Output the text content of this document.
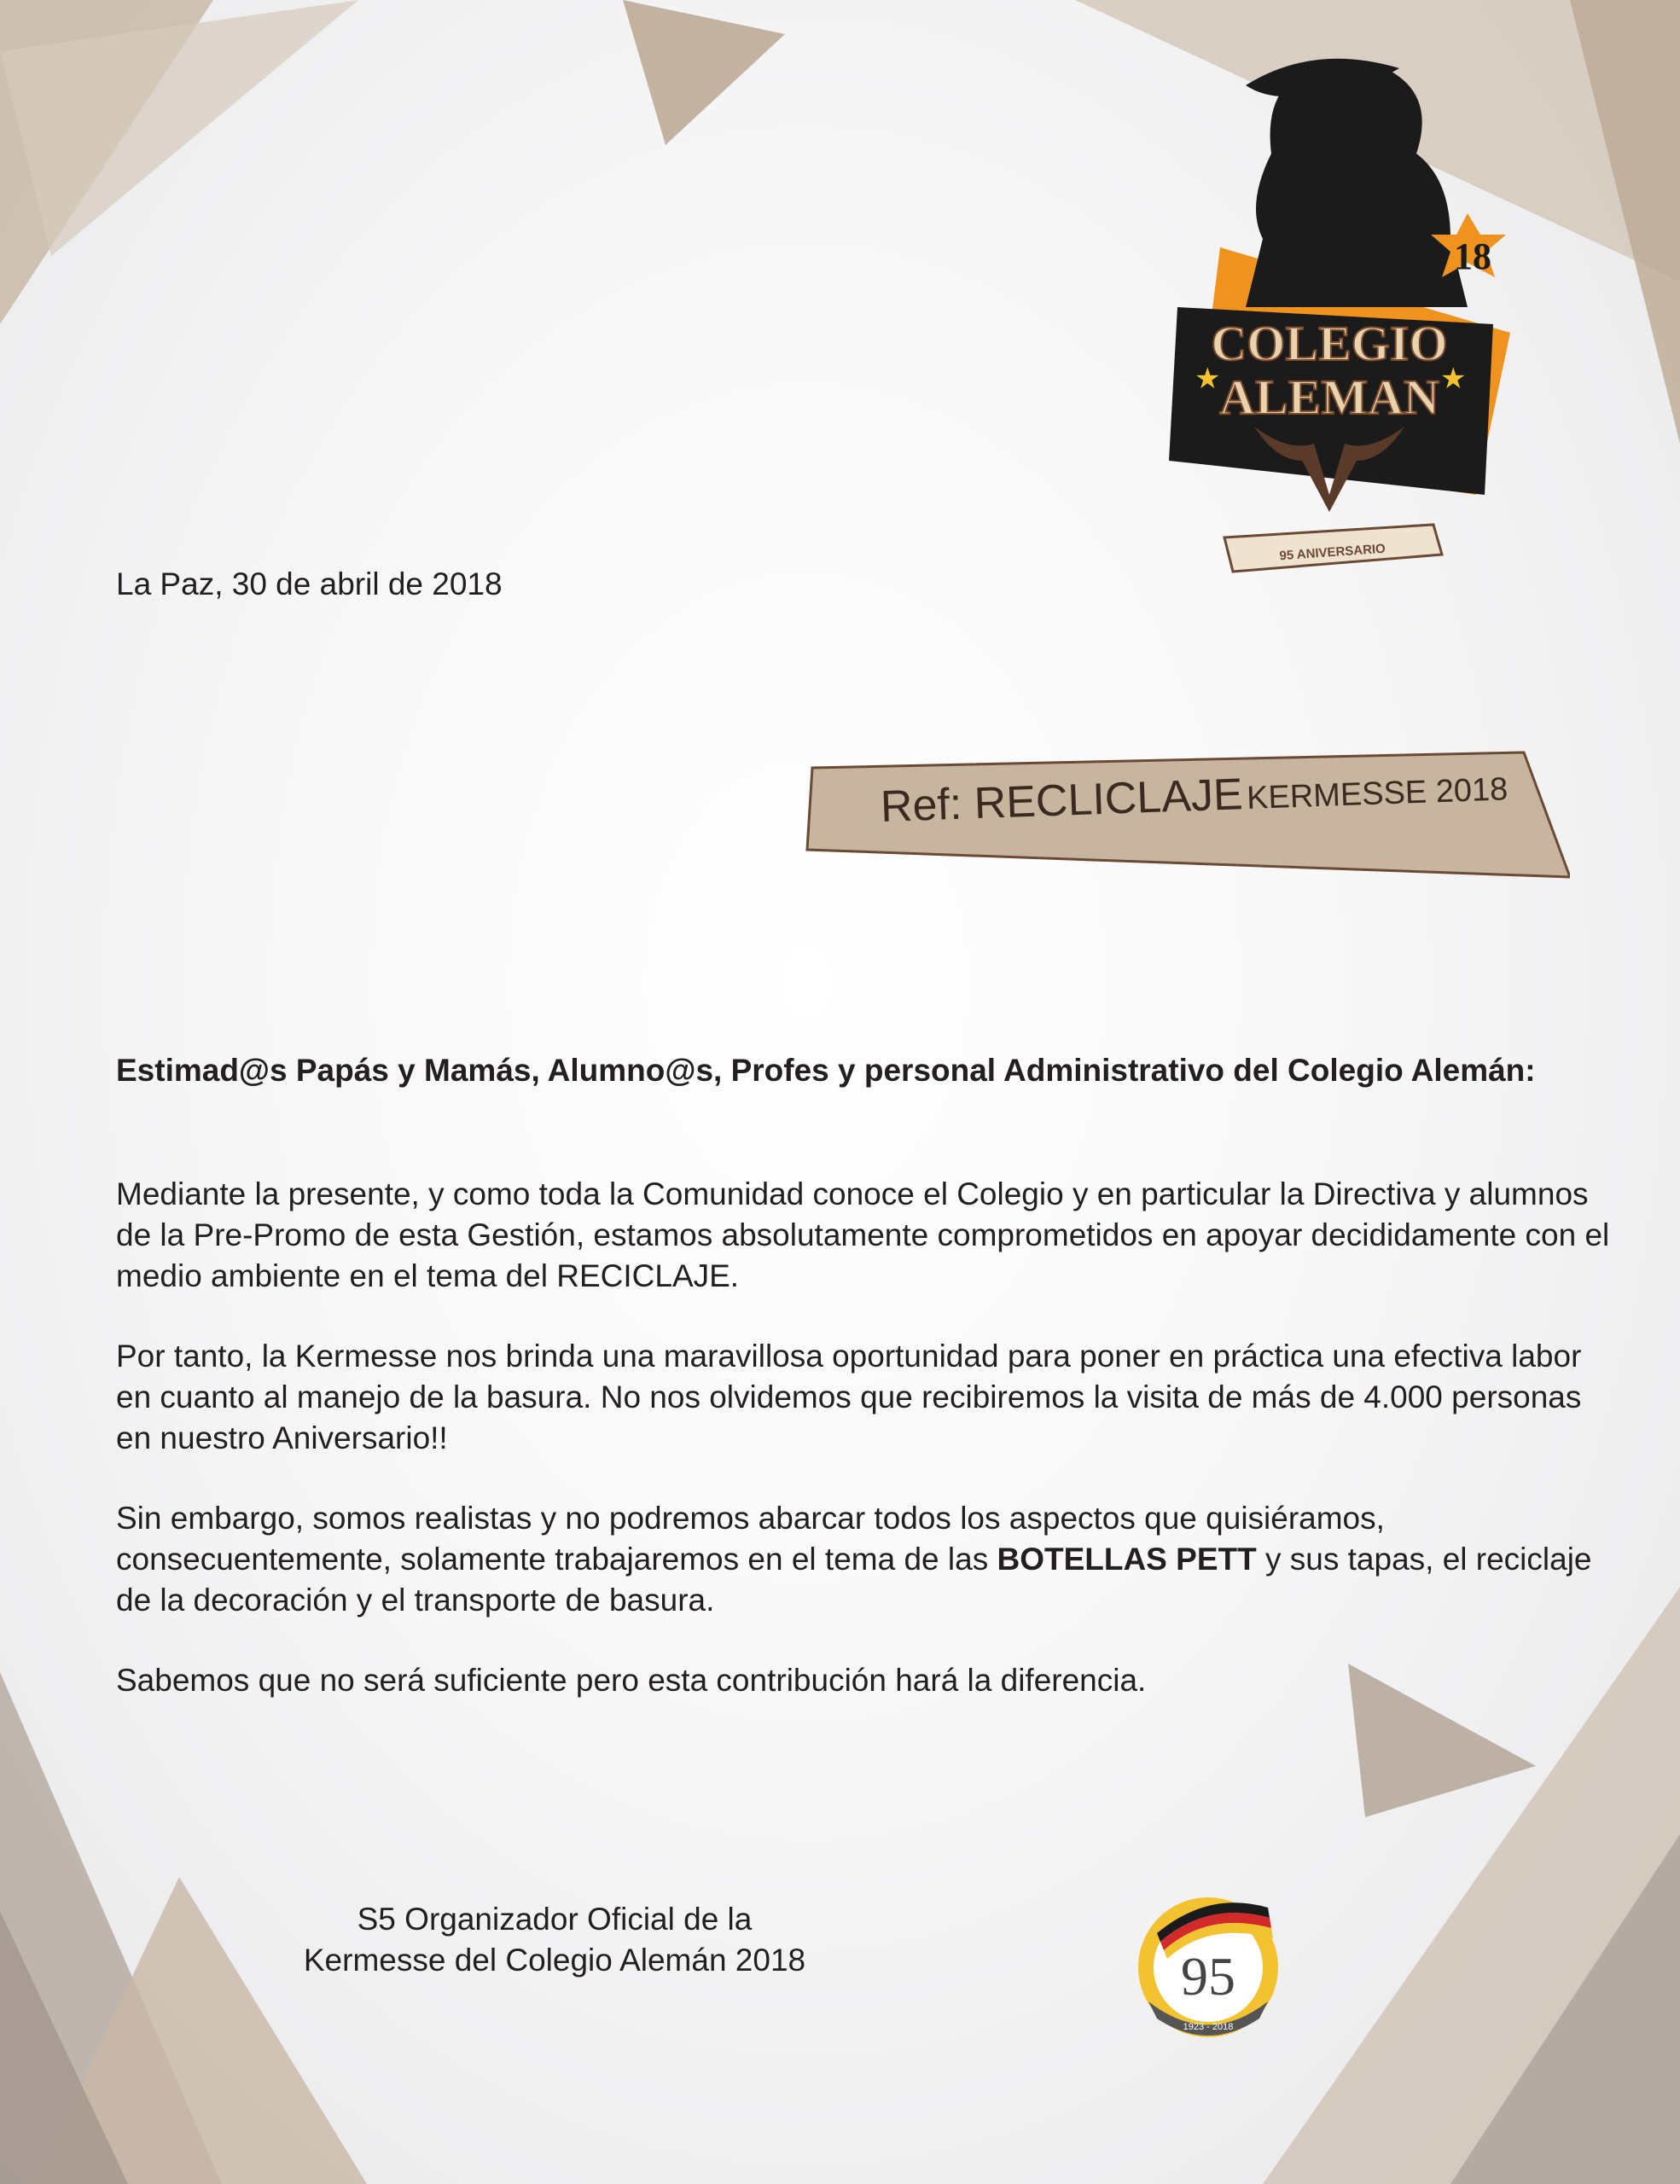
18
COLEGIO
ALEMAN
★	★
95 ANIVERSARIO
La Paz, 30 de abril de 2018
Ref: RECLICLAJE KERMESSE 2018
Estimad@s Papás y Mamás, Alumno@s, Profes y personal Administrativo del Colegio Alemán:

Mediante la presente, y como toda la Comunidad conoce el Colegio y en particular la Directiva y alumnos de la Pre-Promo de esta Gestión, estamos absolutamente comprometidos en apoyar decididamente con el medio ambiente en el tema del RECICLAJE.

Por tanto, la Kermesse nos brinda una maravillosa oportunidad para poner en práctica una efectiva labor en cuanto al manejo de la basura. No nos olvidemos que recibiremos la visita de más de 4.000 personas en nuestro Aniversario!!

Sin embargo, somos realistas y no podremos abarcar todos los aspectos que quisiéramos, consecuentemente, solamente trabajaremos en el tema de las BOTELLAS PETT y sus tapas, el reciclaje de la decoración y el transporte de basura.

Sabemos que no será suficiente pero esta contribución hará la diferencia.

S5 Organizador Oficial de la
Kermesse del Colegio Alemán 2018	95
1923 - 2018
